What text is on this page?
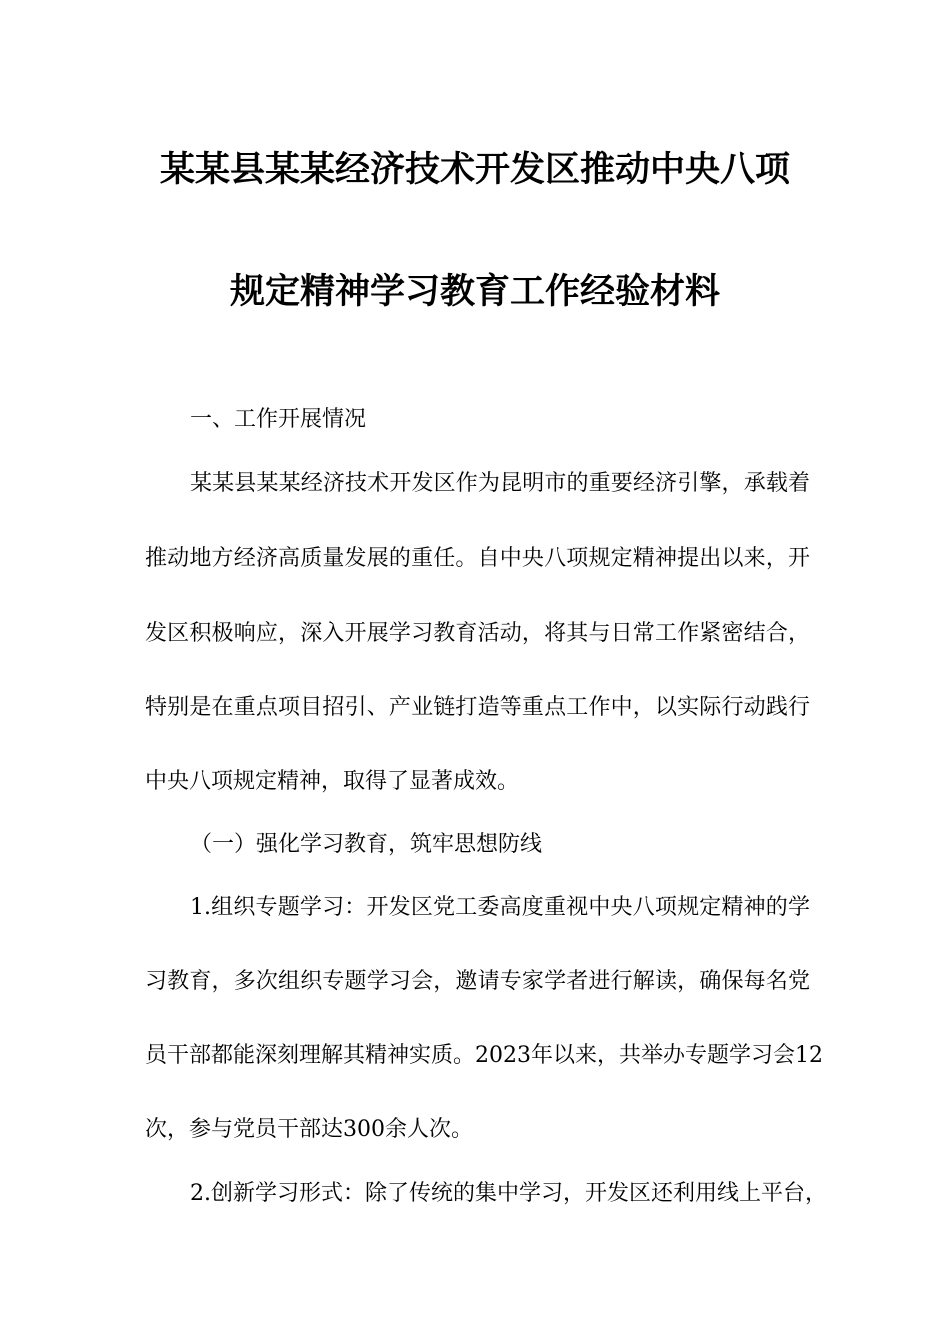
某某县某某经济技术开发区推动中央八项
规定精神学习教育工作经验材料
一、工作开展情况
某某县某某经济技术开发区作为昆明市的重要经济引擎，承载着
推动地方经济高质量发展的重任。自中央八项规定精神提出以来，开
发区积极响应，深入开展学习教育活动，将其与日常工作紧密结合，
特别是在重点项目招引、产业链打造等重点工作中，以实际行动践行
中央八项规定精神，取得了显著成效。
（一）强化学习教育，筑牢思想防线
1.组织专题学习：开发区党工委高度重视中央八项规定精神的学
习教育，多次组织专题学习会，邀请专家学者进行解读，确保每名党
员干部都能深刻理解其精神实质。2023年以来，共举办专题学习会12
次，参与党员干部达300余人次。
2.创新学习形式：除了传统的集中学习，开发区还利用线上平台，
